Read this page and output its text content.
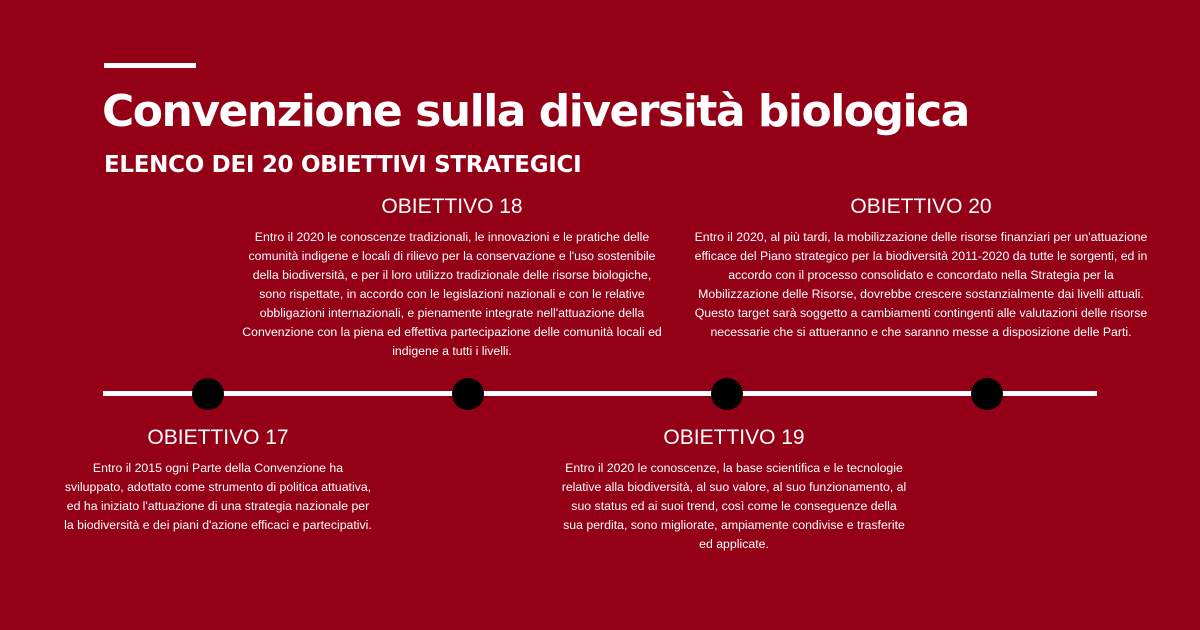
Convenzione sulla diversità biologica
ELENCO DEI 20 OBIETTIVI STRATEGICI
OBIETTIVO 18

Entro il 2020 le conoscenze tradizionali, le innovazioni e le pratiche delle comunità indigene e locali di rilievo per la conservazione e l'uso sostenibile della biodiversità, e per il loro utilizzo tradizionale delle risorse biologiche, sono rispettate, in accordo con le legislazioni nazionali e con le relative obbligazioni internazionali, e pienamente integrate nell'attuazione della Convenzione con la piena ed effettiva partecipazione delle comunità locali ed indigene a tutti i livelli.

OBIETTIVO 20

Entro il 2020, al più tardi, la mobilizzazione delle risorse finanziari per un'attuazione efficace del Piano strategico per la biodiversità 2011-2020 da tutte le sorgenti, ed in accordo con il processo consolidato e concordato nella Strategia per la Mobilizzazione delle Risorse, dovrebbe crescere sostanzialmente dai livelli attuali. Questo target sarà soggetto a cambiamenti contingenti alle valutazioni delle risorse necessarie che si attueranno e che saranno messe a disposizione delle Parti.

OBIETTIVO 17

Entro il 2015 ogni Parte della Convenzione ha sviluppato, adottato come strumento di politica attuativa, ed ha iniziato l'attuazione di una strategia nazionale per la biodiversità e dei piani d'azione efficaci e partecipativi.

OBIETTIVO 19

Entro il 2020 le conoscenze, la base scientifica e le tecnologie relative alla biodiversità, al suo valore, al suo funzionamento, al suo status ed ai suoi trend, così come le conseguenze della sua perdita, sono migliorate, ampiamente condivise e trasferite ed applicate.
